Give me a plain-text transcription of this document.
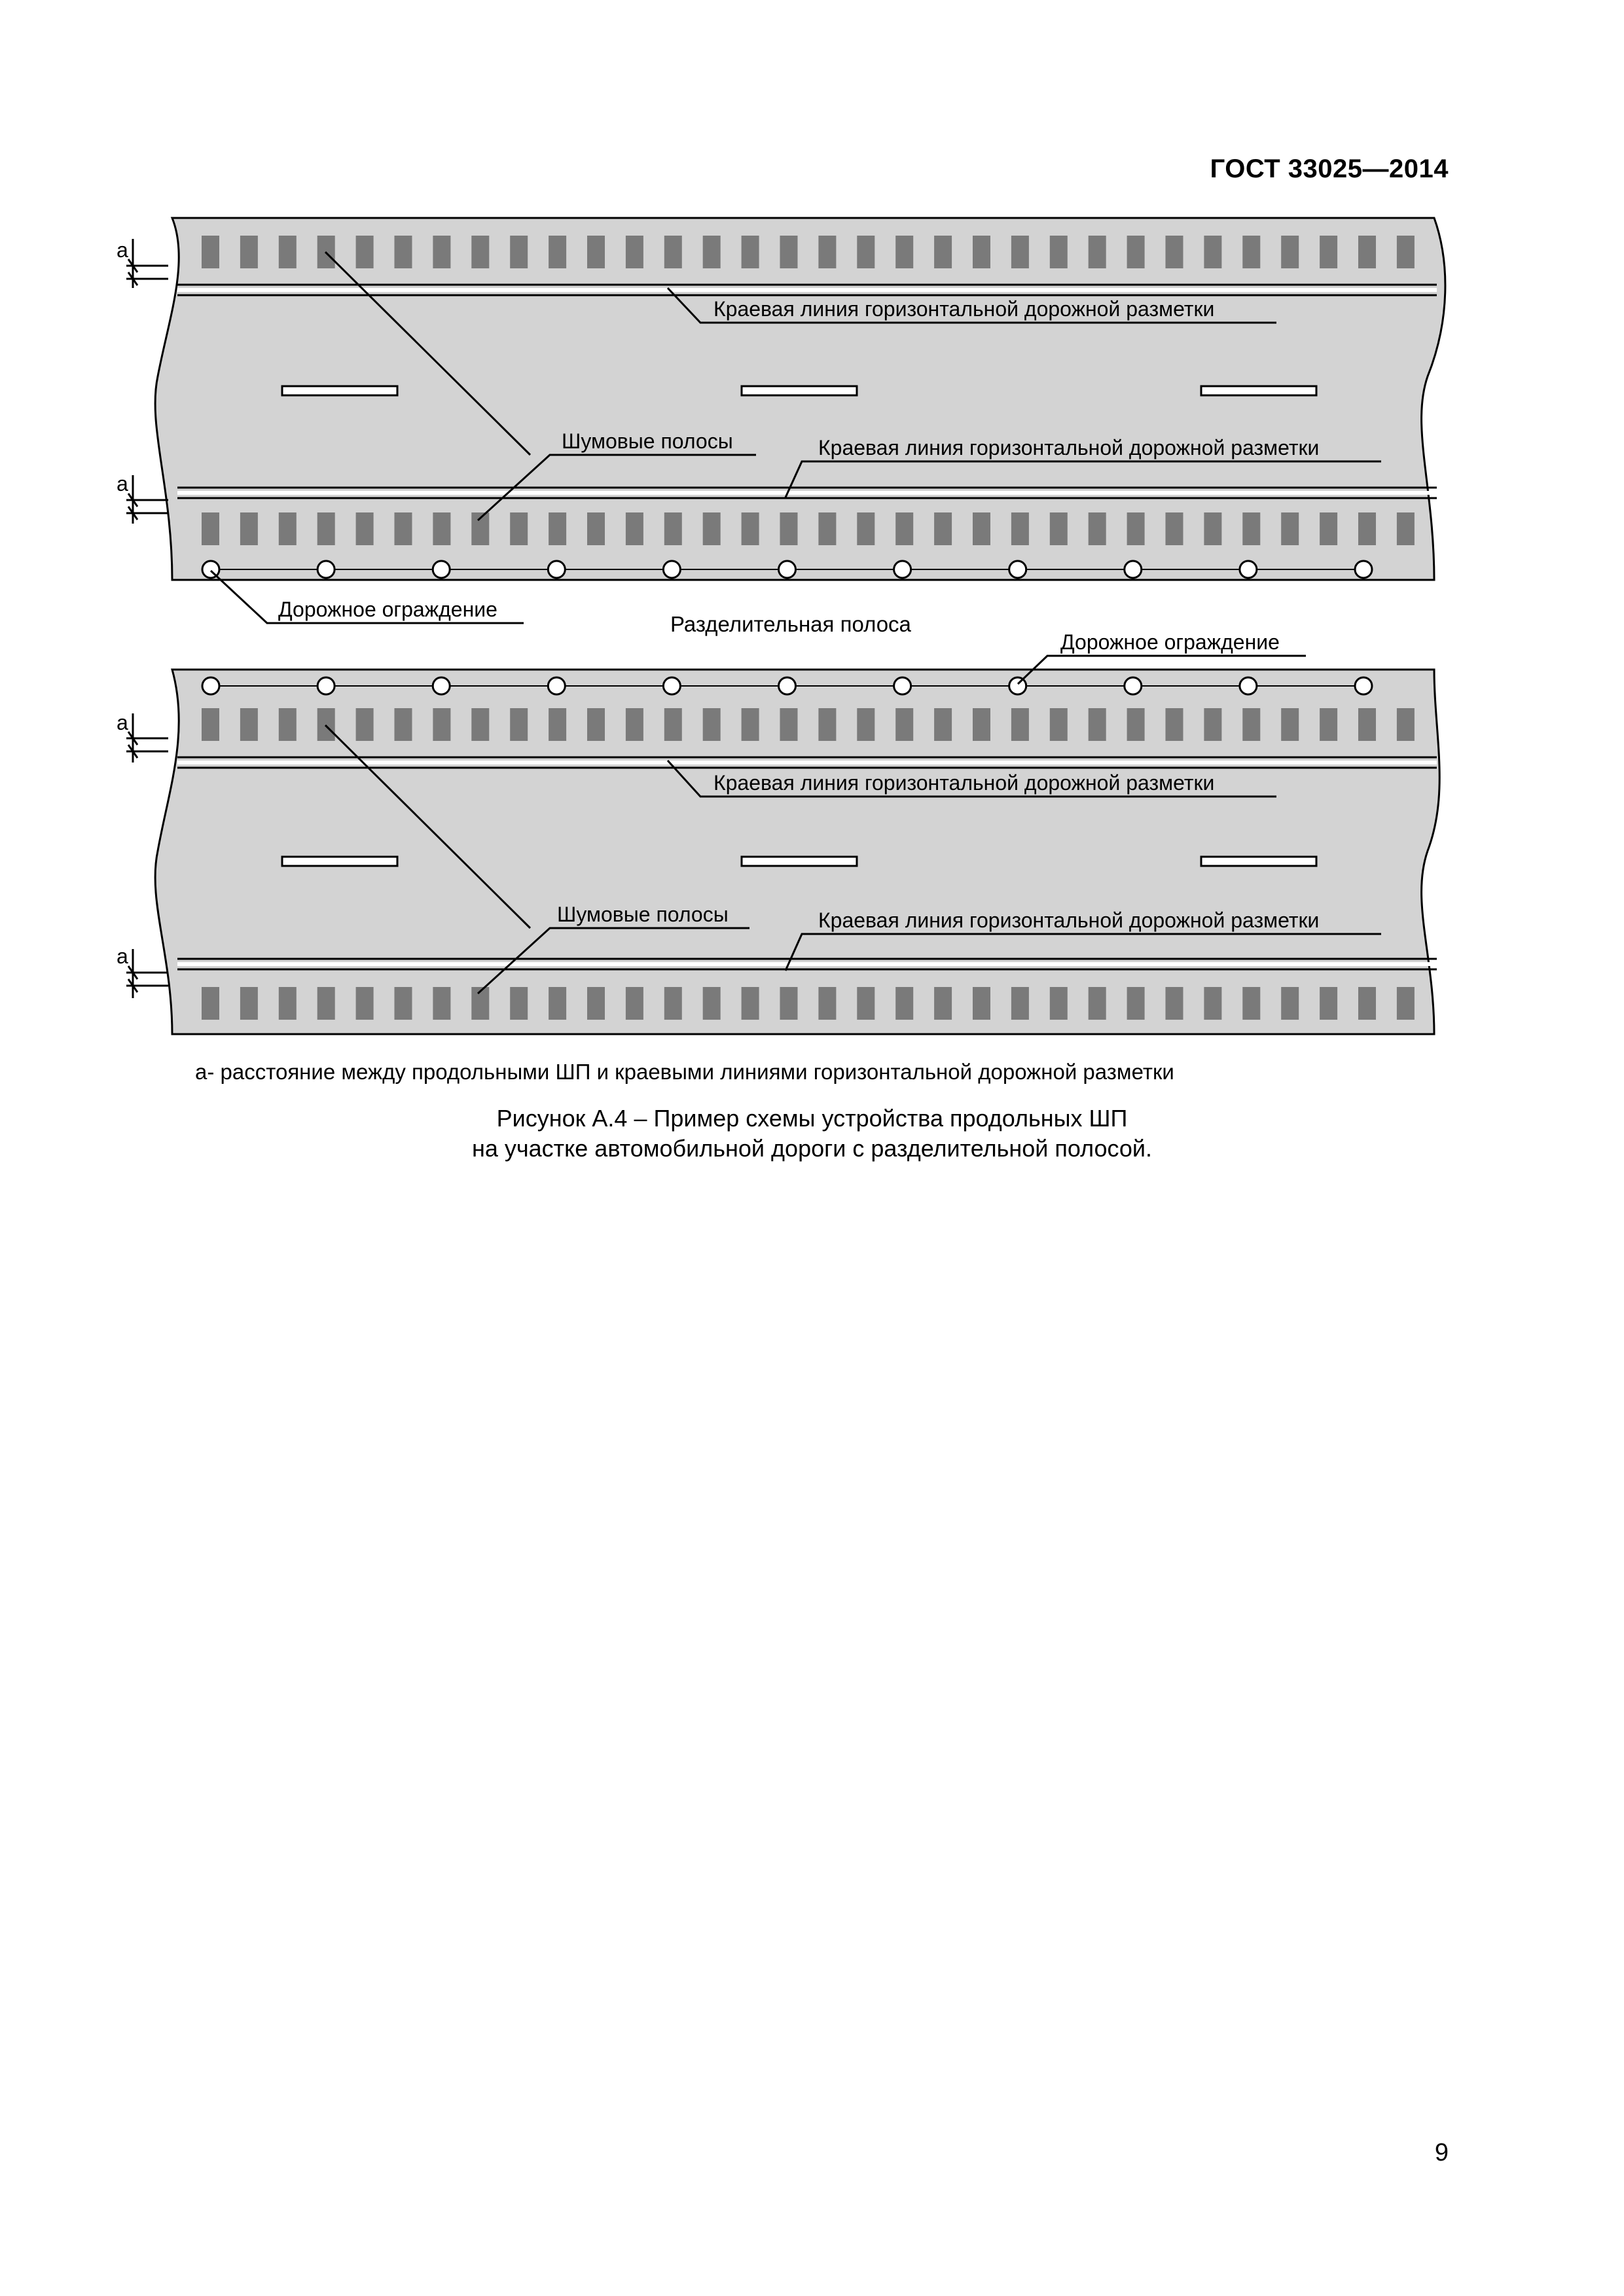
ГОСТ 33025—2014
a
a
Краевая линия горизонтальной дорожной разметки
Краевая линия горизонтальной дорожной разметки
Шумовые полосы
Дорожное ограждение
Разделительная полоса
a
a
Дорожное ограждение
Краевая линия горизонтальной дорожной разметки
Краевая линия горизонтальной дорожной разметки
Шумовые полосы
а- расстояние между продольными ШП и краевыми линиями горизонтальной дорожной разметки
Рисунок А.4 – Пример схемы устройства продольных ШП
на участке автомобильной дороги с разделительной полосой.
9
